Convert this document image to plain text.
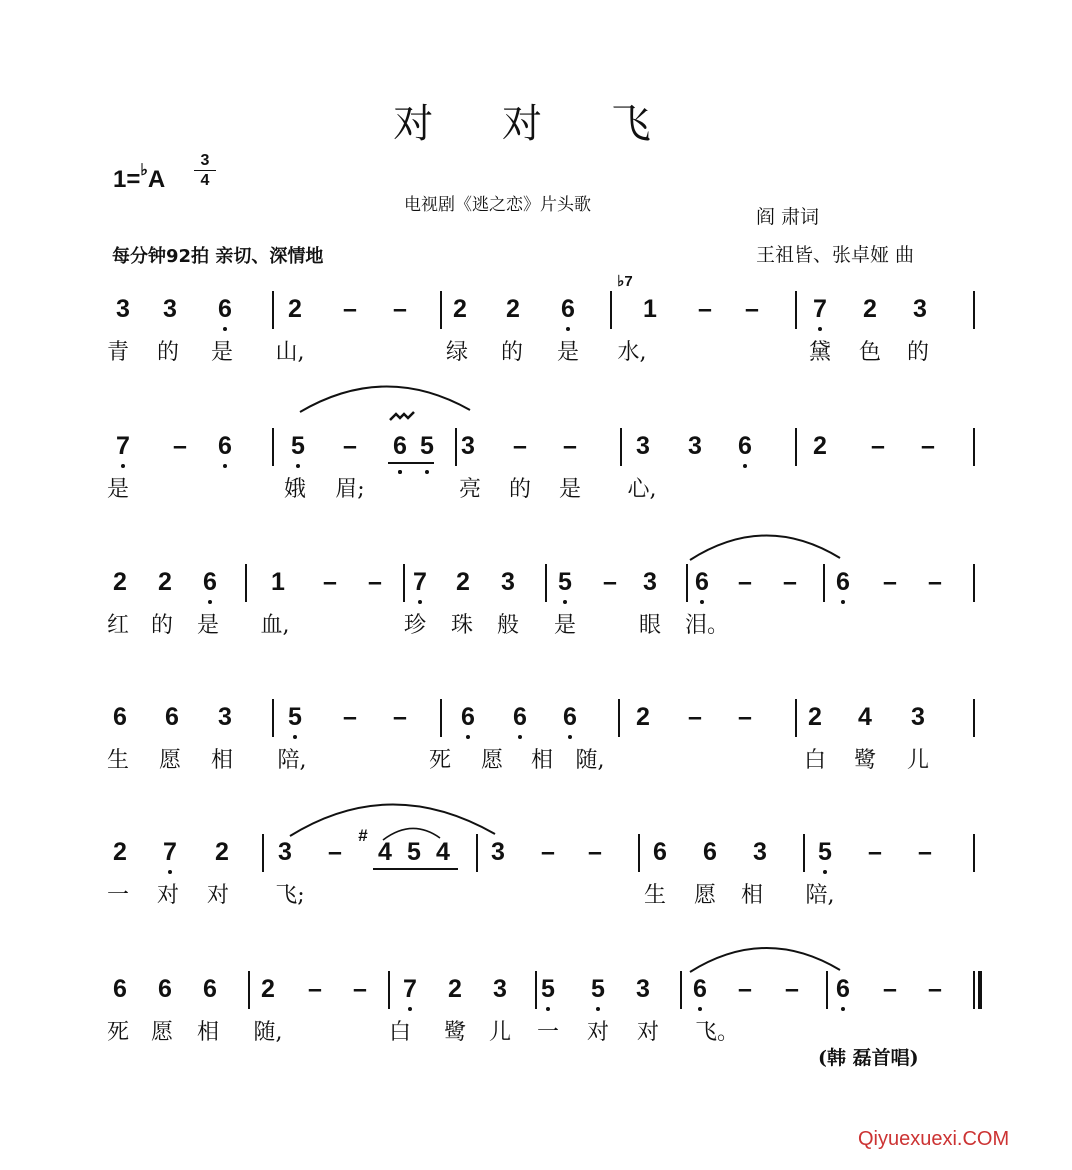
对 对 飞
1=♭A
3
4
电视剧《逃之恋》片头歌
每分钟92拍 亲切、深情地
阎 肃词
王祖皆、张卓娅 曲
3 3 6 2 – – 2 2 6	1 – – 7 2 3
青 的 是 山,	绿 的 是 水,	黛 色 的
7 – 6 5 – 6 5 3 – – 3 3 6 2 – –
是	娥 眉;	亮 的 是 心,
2 2 6 1 – – 7 2 3 5 – 3 6 – – 6 – –
红 的 是 血,	珍 珠 般 是	眼 泪。
6 6 3 5 – – 6 6 6 2 – – 2 4 3
生 愿 相 陪,	死 愿 相 随,	白 鹭 儿
2 7 2 3 – 4 5 4 3 – – 6 6 3 5 – –
一 对 对 飞;	生 愿 相 陪,
6 6 6 2 – – 7 2 3 5 5 3 6 – – 6 – –
死 愿 相 随,	白 鹭 儿 一 对 对 飞。
♭7
#
(韩 磊首唱)
Qiyuexuexi.COM
